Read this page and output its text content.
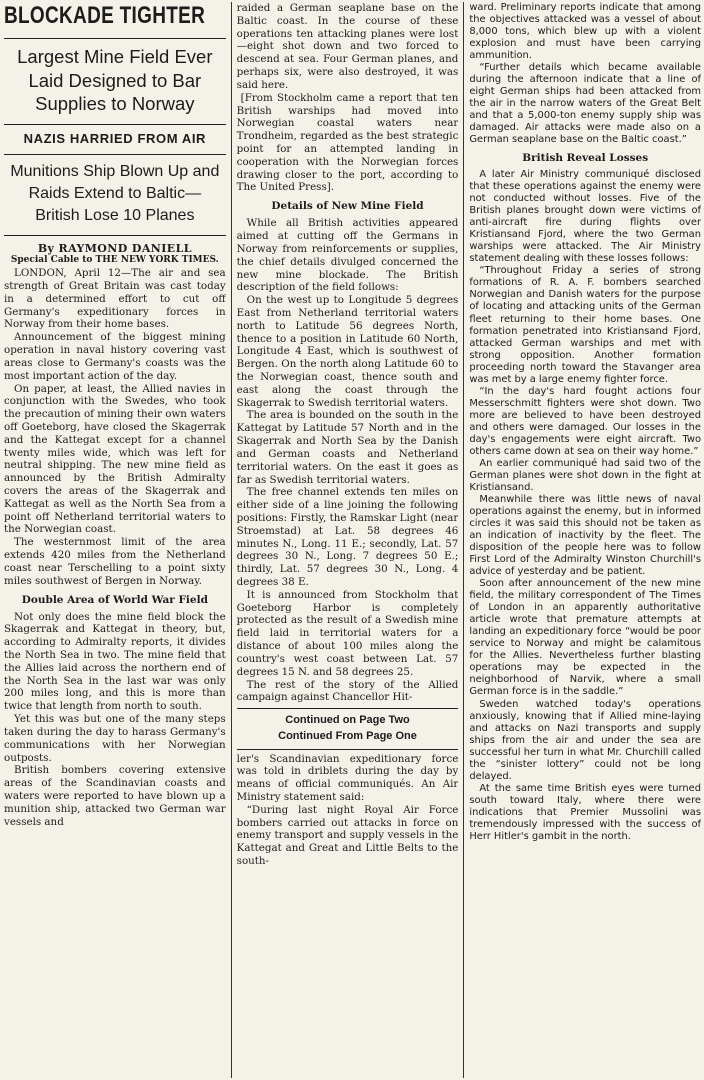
BLOCKADE TIGHTER
Largest Mine Field Ever
Laid Designed to Bar
Supplies to Norway
NAZIS HARRIED FROM AIR
Munitions Ship Blown Up and
Raids Extend to Baltic—
British Lose 10 Planes
By RAYMOND DANIELL
Special Cable to THE NEW YORK TIMES.

LONDON, April 12—The air and sea strength of Great Britain was cast today in a determined effort to cut off Germany's expeditionary forces in Norway from their home bases.

Announcement of the biggest mining operation in naval history covering vast areas close to Germany's coasts was the most important action of the day.

On paper, at least, the Allied navies in conjunction with the Swedes, who took the precaution of mining their own waters off Goeteborg, have closed the Skagerrak and the Kattegat except for a channel twenty miles wide, which was left for neutral shipping. The new mine field as announced by the British Admiralty covers the areas of the Skagerrak and Kattegat as well as the North Sea from a point off Netherland territorial waters to the Norwegian coast.

The westernmost limit of the area extends 420 miles from the Netherland coast near Terschelling to a point sixty miles southwest of Bergen in Norway.

Double Area of World War Field

Not only does the mine field block the Skagerrak and Kattegat in theory, but, according to Admiralty reports, it divides the North Sea in two. The mine field that the Allies laid across the northern end of the North Sea in the last war was only 200 miles long, and this is more than twice that length from north to south.

Yet this was but one of the many steps taken during the day to harass Germany's communications with her Norwegian outposts.

British bombers covering extensive areas of the Scandinavian coasts and waters were reported to have blown up a munition ship, attacked two German war vessels and

raided a German seaplane base on the Baltic coast. In the course of these operations ten attacking planes were lost—eight shot down and two forced to descend at sea. Four German planes, and perhaps six, were also destroyed, it was said here.

[From Stockholm came a report that ten British warships had moved into Norwegian coastal waters near Trondheim, regarded as the best strategic point for an attempted landing in cooperation with the Norwegian forces drawing closer to the port, according to The United Press].

Details of New Mine Field

While all British activities appeared aimed at cutting off the Germans in Norway from reinforcements or supplies, the chief details divulged concerned the new mine blockade. The British description of the field follows:

On the west up to Longitude 5 degrees East from Netherland territorial waters north to Latitude 56 degrees North, thence to a position in Latitude 60 North, Longitude 4 East, which is southwest of Bergen. On the north along Latitude 60 to the Norwegian coast, thence south and east along the coast through the Skagerrak to Swedish territorial waters.

The area is bounded on the south in the Kattegat by Latitude 57 North and in the Skagerrak and North Sea by the Danish and German coasts and Netherland territorial waters. On the east it goes as far as Swedish territorial waters.

The free channel extends ten miles on either side of a line joining the following positions: Firstly, the Ramskar Light (near Stroemstad) at Lat. 58 degrees 46 minutes N., Long. 11 E.; secondly, Lat. 57 degrees 30 N., Long. 7 degrees 50 E.; thirdly, Lat. 57 degrees 30 N., Long. 4 degrees 38 E.

It is announced from Stockholm that Goeteborg Harbor is completely protected as the result of a Swedish mine field laid in territorial waters for a distance of about 100 miles along the country's west coast between Lat. 57 degrees 15 N. and 58 degrees 25.

The rest of the story of the Allied campaign against Chancellor Hit-

Continued on Page Two
Continued From Page One

ler's Scandinavian expeditionary force was told in driblets during the day by means of official communiqués. An Air Ministry statement said:

“During last night Royal Air Force bombers carried out attacks in force on enemy transport and supply vessels in the Kattegat and Great and Little Belts to the south-

ward. Preliminary reports indicate that among the objectives attacked was a vessel of about 8,000 tons, which blew up with a violent explosion and must have been carrying ammunition.

“Further details which became available during the afternoon indicate that a line of eight German ships had been attacked from the air in the narrow waters of the Great Belt and that a 5,000-ton enemy supply ship was damaged. Air attacks were made also on a German seaplane base on the Baltic coast.”

British Reveal Losses

A later Air Ministry communiqué disclosed that these operations against the enemy were not conducted without losses. Five of the British planes brought down were victims of anti-aircraft fire during flights over Kristiansand Fjord, where the two German warships were attacked. The Air Ministry statement dealing with these losses follows:

“Throughout Friday a series of strong formations of R. A. F. bombers searched Norwegian and Danish waters for the purpose of locating and attacking units of the German fleet returning to their home bases. One formation penetrated into Kristiansand Fjord, attacked German warships and met with strong opposition. Another formation proceeding north toward the Stavanger area was met by a large enemy fighter force.

“In the day's hard fought actions four Messerschmitt fighters were shot down. Two more are believed to have been destroyed and others were damaged. Our losses in the day's engagements were eight aircraft. Two others came down at sea on their way home.”

An earlier communiqué had said two of the German planes were shot down in the fight at Kristiansand.

Meanwhile there was little news of naval operations against the enemy, but in informed circles it was said this should not be taken as an indication of inactivity by the fleet. The disposition of the people here was to follow First Lord of the Admiralty Winston Churchill's advice of yesterday and be patient.

Soon after announcement of the new mine field, the military correspondent of The Times of London in an apparently authoritative article wrote that premature attempts at landing an expeditionary force “would be poor service to Norway and might be calamitous for the Allies. Nevertheless further blasting operations may be expected in the neighborhood of Narvik, where a small German force is in the saddle.”

Sweden watched today's operations anxiously, knowing that if Allied mine-laying and attacks on Nazi transports and supply ships from the air and under the sea are successful her turn in what Mr. Churchill called the “sinister lottery” could not be long delayed.

At the same time British eyes were turned south toward Italy, where there were indications that Premier Mussolini was tremendously impressed with the success of Herr Hitler's gambit in the north.
